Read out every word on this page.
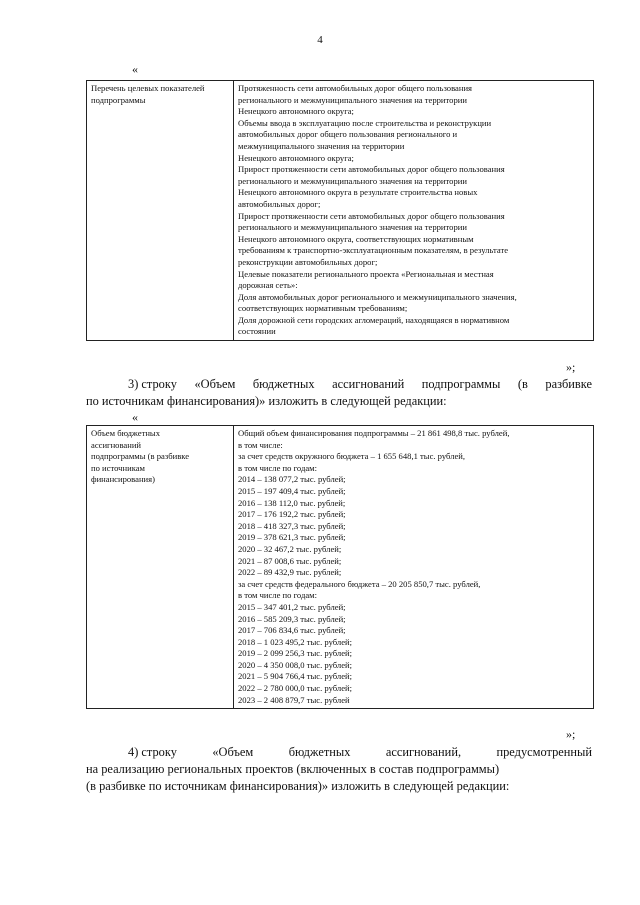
4
«
Перечень целевых показателей подпрограммы

Протяженность сети автомобильных дорог общего пользования
регионального и межмуниципального значения на территории
Ненецкого автономного округа;
Объемы ввода в эксплуатацию после строительства и реконструкции
автомобильных дорог общего пользования регионального и
межмуниципального значения на территории
Ненецкого автономного округа;
Прирост протяженности сети автомобильных дорог общего пользования
регионального и межмуниципального значения на территории
Ненецкого автономного округа в результате строительства новых
автомобильных дорог;
Прирост протяженности сети автомобильных дорог общего пользования
регионального и межмуниципального значения на территории
Ненецкого автономного округа, соответствующих нормативным
требованиям к транспортно-эксплуатационным показателям, в результате
реконструкции автомобильных дорог;
Целевые показатели регионального проекта «Региональная и местная
дорожная сеть»:
Доля автомобильных дорог регионального и межмуниципального значения,
соответствующих нормативным требованиям;
Доля дорожной сети городских агломераций, находящаяся в нормативном
состоянии
»;
3) строку «Объем бюджетных ассигнований подпрограммы (в разбивке
по источникам финансирования)» изложить в следующей редакции:
«
Объем бюджетных
ассигнований
подпрограммы (в разбивке
по источникам
финансирования)

Общий объем финансирования подпрограммы – 21 861 498,8 тыс. рублей,
в том числе:
за счет средств окружного бюджета – 1 655 648,1 тыс. рублей,
в том числе по годам:
2014 – 138 077,2 тыс. рублей;
2015 – 197 409,4 тыс. рублей;
2016 – 138 112,0 тыс. рублей;
2017 – 176 192,2 тыс. рублей;
2018 – 418 327,3 тыс. рублей;
2019 – 378 621,3 тыс. рублей;
2020 – 32 467,2 тыс. рублей;
2021 – 87 008,6 тыс. рублей;
2022 – 89 432,9 тыс. рублей;
за счет средств федерального бюджета – 20 205 850,7 тыс. рублей,
в том числе по годам:
2015 – 347 401,2 тыс. рублей;
2016 – 585 209,3 тыс. рублей;
2017 – 706 834,6 тыс. рублей;
2018 – 1 023 495,2 тыс. рублей;
2019 – 2 099 256,3 тыс. рублей;
2020 – 4 350 008,0 тыс. рублей;
2021 – 5 904 766,4 тыс. рублей;
2022 – 2 780 000,0 тыс. рублей;
2023 – 2 408 879,7 тыс. рублей
»;
4) строку	«Объем	бюджетных	ассигнований,	предусмотренный
на реализацию региональных проектов (включенных в состав подпрограммы)
(в разбивке по источникам финансирования)» изложить в следующей редакции:
